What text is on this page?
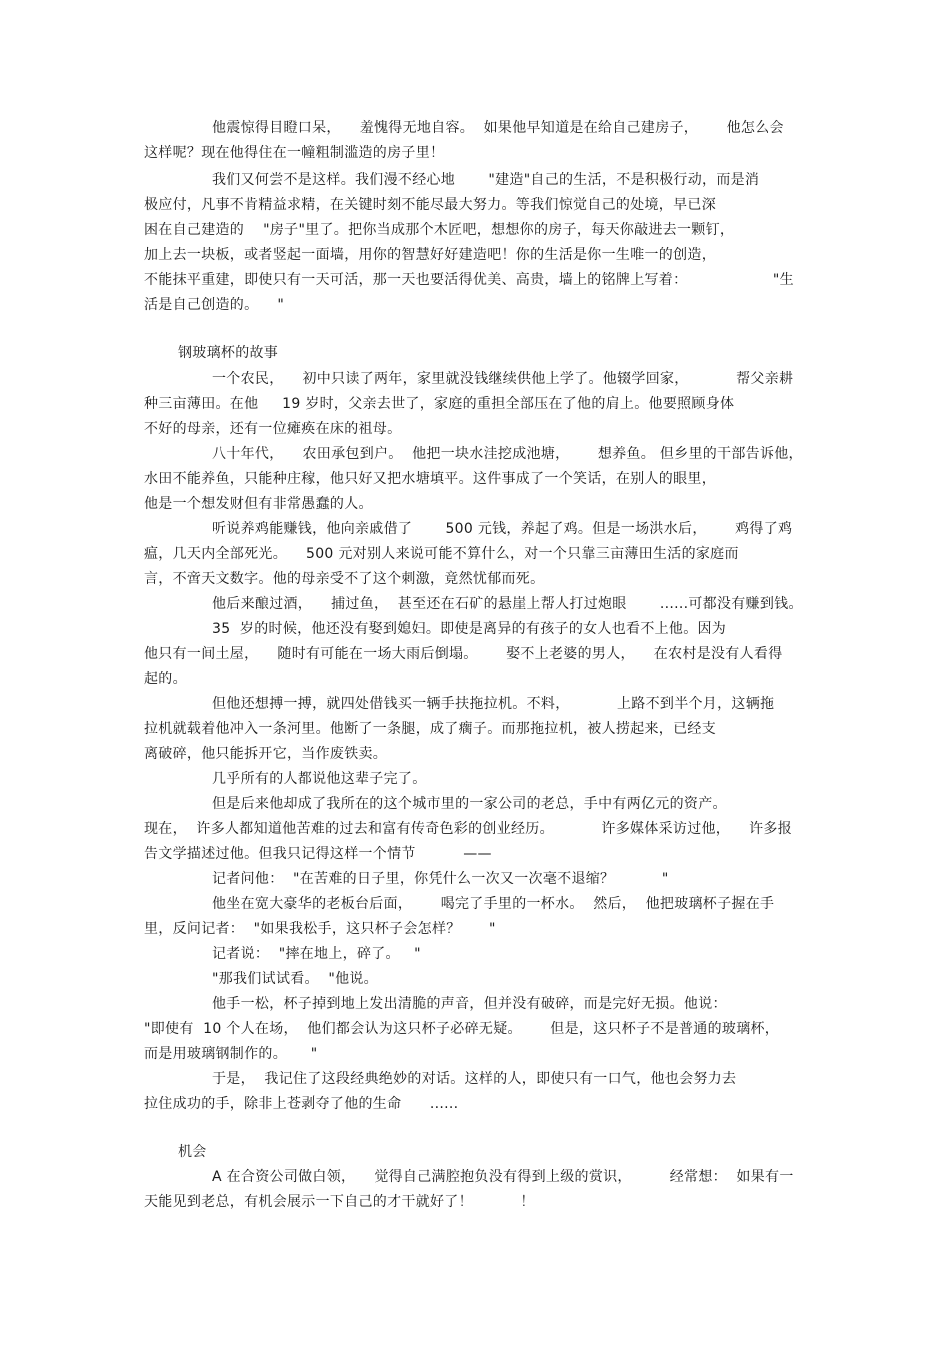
他震惊得目瞪口呆，    羞愧得无地自容。  如果他早知道是在给自己建房子，      他怎么会
这样呢？现在他得住在一幢粗制滥造的房子里！
我们又何尝不是这样。我们漫不经心地       "建造"自己的生活，不是积极行动，而是消
极应付，凡事不肯精益求精，在关键时刻不能尽最大努力。等我们惊觉自己的处境，早已深
困在自己建造的    "房子"里了。把你当成那个木匠吧，想想你的房子，每天你敲进去一颗钉，
加上去一块板，或者竖起一面墙，用你的智慧好好建造吧！你的生活是你一生唯一的创造，
不能抹平重建，即使只有一天可活，那一天也要活得优美、高贵，墙上的铭牌上写着：                  "生
活是自己创造的。    "
钢玻璃杯的故事
一个农民，    初中只读了两年，家里就没钱继续供他上学了。他辍学回家，          帮父亲耕
种三亩薄田。在他     19 岁时，父亲去世了，家庭的重担全部压在了他的肩上。他要照顾身体
不好的母亲，还有一位瘫痪在床的祖母。
八十年代，    农田承包到户。  他把一块水洼挖成池塘，      想养鱼。 但乡里的干部告诉他，
水田不能养鱼，只能种庄稼，他只好又把水塘填平。这件事成了一个笑话，在别人的眼里，
他是一个想发财但有非常愚蠢的人。
听说养鸡能赚钱，他向亲戚借了       500 元钱，养起了鸡。但是一场洪水后，      鸡得了鸡
瘟，几天内全部死光。    500 元对别人来说可能不算什么，对一个只靠三亩薄田生活的家庭而
言，不啻天文数字。他的母亲受不了这个刺激，竟然忧郁而死。
他后来酿过酒，    捕过鱼，  甚至还在石矿的悬崖上帮人打过炮眼       ......可都没有赚到钱。
35  岁的时候，他还没有娶到媳妇。即使是离异的有孩子的女人也看不上他。因为
他只有一间土屋，    随时有可能在一场大雨后倒塌。      娶不上老婆的男人，    在农村是没有人看得
起的。
但他还想搏一搏，就四处借钱买一辆手扶拖拉机。不料，          上路不到半个月，这辆拖
拉机就载着他冲入一条河里。他断了一条腿，成了瘸子。而那拖拉机，被人捞起来，已经支
离破碎，他只能拆开它，当作废铁卖。
几乎所有的人都说他这辈子完了。
但是后来他却成了我所在的这个城市里的一家公司的老总，手中有两亿元的资产。
现在，  许多人都知道他苦难的过去和富有传奇色彩的创业经历。          许多媒体采访过他，    许多报
告文学描述过他。但我只记得这样一个情节          ——
记者问他：  "在苦难的日子里，你凭什么一次又一次毫不退缩？          "
他坐在宽大豪华的老板台后面，      喝完了手里的一杯水。  然后，  他把玻璃杯子握在手
里，反问记者：  "如果我松手，这只杯子会怎样？      "
记者说：  "摔在地上，碎了。   "
"那我们试试看。  "他说。
他手一松，杯子掉到地上发出清脆的声音，但并没有破碎，而是完好无损。他说：
"即使有  10 个人在场，  他们都会认为这只杯子必碎无疑。      但是，这只杯子不是普通的玻璃杯，
而是用玻璃钢制作的。     "
于是，  我记住了这段经典绝妙的对话。这样的人，即使只有一口气，他也会努力去
拉住成功的手，除非上苍剥夺了他的生命      ......
机会
A 在合资公司做白领，    觉得自己满腔抱负没有得到上级的赏识，        经常想：  如果有一
天能见到老总，有机会展示一下自己的才干就好了！          ！
